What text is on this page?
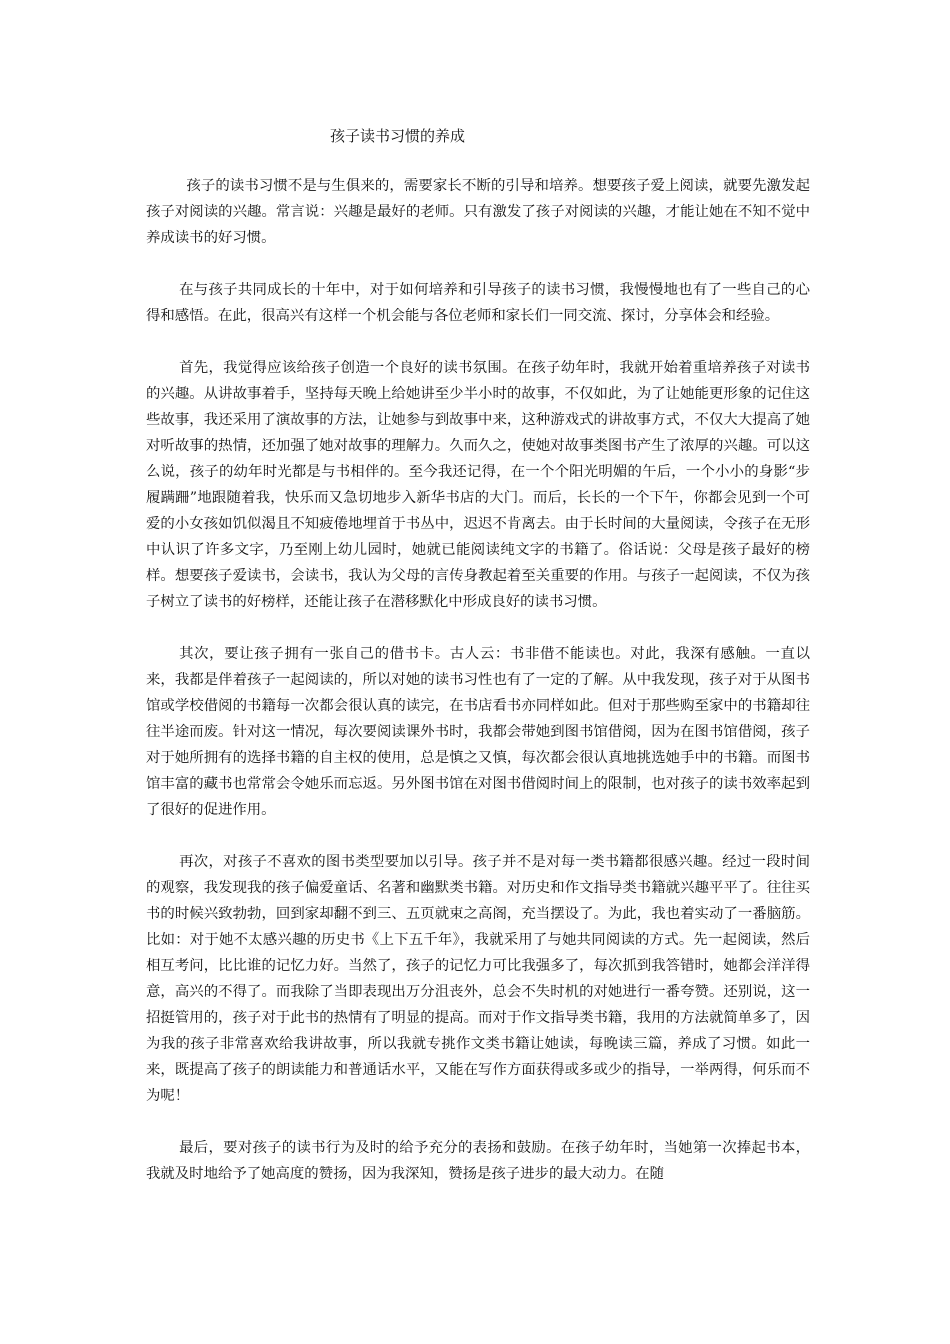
孩子读书习惯的养成

孩子的读书习惯不是与生俱来的，需要家长不断的引导和培养。想要孩子爱上阅读，就要先激发起孩子对阅读的兴趣。常言说：兴趣是最好的老师。只有激发了孩子对阅读的兴趣，才能让她在不知不觉中养成读书的好习惯。

在与孩子共同成长的十年中，对于如何培养和引导孩子的读书习惯，我慢慢地也有了一些自己的心得和感悟。在此，很高兴有这样一个机会能与各位老师和家长们一同交流、探讨，分享体会和经验。

首先，我觉得应该给孩子创造一个良好的读书氛围。在孩子幼年时，我就开始着重培养孩子对读书的兴趣。从讲故事着手，坚持每天晚上给她讲至少半小时的故事，不仅如此，为了让她能更形象的记住这些故事，我还采用了演故事的方法，让她参与到故事中来，这种游戏式的讲故事方式，不仅大大提高了她对听故事的热情，还加强了她对故事的理解力。久而久之，使她对故事类图书产生了浓厚的兴趣。可以这么说，孩子的幼年时光都是与书相伴的。至今我还记得，在一个个阳光明媚的午后，一个小小的身影“步履蹒跚”地跟随着我，快乐而又急切地步入新华书店的大门。而后，长长的一个下午，你都会见到一个可爱的小女孩如饥似渴且不知疲倦地埋首于书丛中，迟迟不肯离去。由于长时间的大量阅读，令孩子在无形中认识了许多文字，乃至刚上幼儿园时，她就已能阅读纯文字的书籍了。俗话说：父母是孩子最好的榜样。想要孩子爱读书，会读书，我认为父母的言传身教起着至关重要的作用。与孩子一起阅读，不仅为孩子树立了读书的好榜样，还能让孩子在潜移默化中形成良好的读书习惯。

其次，要让孩子拥有一张自己的借书卡。古人云：书非借不能读也。对此，我深有感触。一直以来，我都是伴着孩子一起阅读的，所以对她的读书习性也有了一定的了解。从中我发现，孩子对于从图书馆或学校借阅的书籍每一次都会很认真的读完，在书店看书亦同样如此。但对于那些购至家中的书籍却往往半途而废。针对这一情况，每次要阅读课外书时，我都会带她到图书馆借阅，因为在图书馆借阅，孩子对于她所拥有的选择书籍的自主权的使用，总是慎之又慎，每次都会很认真地挑选她手中的书籍。而图书馆丰富的藏书也常常会令她乐而忘返。另外图书馆在对图书借阅时间上的限制，也对孩子的读书效率起到了很好的促进作用。

再次，对孩子不喜欢的图书类型要加以引导。孩子并不是对每一类书籍都很感兴趣。经过一段时间的观察，我发现我的孩子偏爱童话、名著和幽默类书籍。对历史和作文指导类书籍就兴趣平平了。往往买书的时候兴致勃勃，回到家却翻不到三、五页就束之高阁，充当摆设了。为此，我也着实动了一番脑筋。比如：对于她不太感兴趣的历史书《上下五千年》，我就采用了与她共同阅读的方式。先一起阅读，然后相互考问，比比谁的记忆力好。当然了，孩子的记忆力可比我强多了，每次抓到我答错时，她都会洋洋得意，高兴的不得了。而我除了当即表现出万分沮丧外，总会不失时机的对她进行一番夸赞。还别说，这一招挺管用的，孩子对于此书的热情有了明显的提高。而对于作文指导类书籍，我用的方法就简单多了，因为我的孩子非常喜欢给我讲故事，所以我就专挑作文类书籍让她读，每晚读三篇，养成了习惯。如此一来，既提高了孩子的朗读能力和普通话水平，又能在写作方面获得或多或少的指导，一举两得，何乐而不为呢！

最后，要对孩子的读书行为及时的给予充分的表扬和鼓励。在孩子幼年时，当她第一次捧起书本，我就及时地给予了她高度的赞扬，因为我深知，赞扬是孩子进步的最大动力。在随
